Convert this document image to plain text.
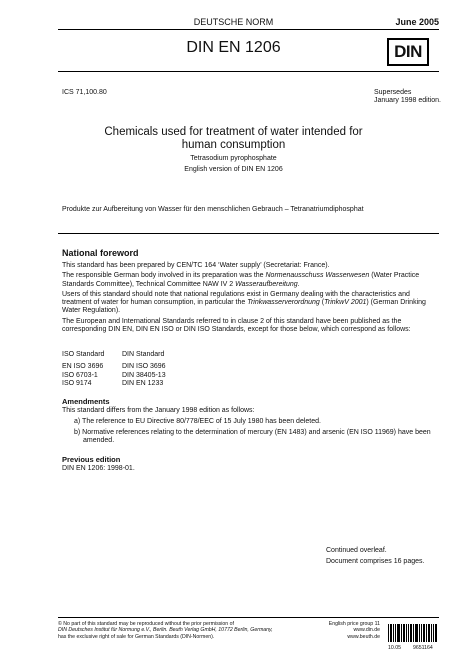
DEUTSCHE NORM	June 2005
DIN EN 1206	DIN
ICS 71,100.80	Supersedes
January 1998 edition.
Chemicals used for treatment of water intended for
human consumption
Tetrasodium pyrophosphate
English version of DIN EN 1206
Produkte zur Aufbereitung von Wasser für den menschlichen Gebrauch – Tetranatriumdiphosphat
National foreword

This standard has been prepared by CEN/TC 164 ‘Water supply’ (Secretariat: France).

The responsible German body involved in its preparation was the Normenausschuss Wasserwesen (Water Practice Standards Committee), Technical Committee NAW IV 2 Wasseraufbereitung.

Users of this standard should note that national regulations exist in Germany dealing with the characteristics and treatment of water for human consumption, in particular the Trinkwasserverordnung (TrinkwV 2001) (German Drinking Water Regulation).

The European and International Standards referred to in clause 2 of this standard have been published as the corresponding DIN EN, DIN EN ISO or DIN ISO Standards, except for those below, which correspond as follows:

ISO Standard	DIN Standard

EN ISO 3696	DIN ISO 3696
ISO 6703-1	DIN 38405-13
ISO 9174	DIN EN 1233
Amendments
This standard differs from the January 1998 edition as follows:
a) The reference to EU Directive 80/778/EEC of 15 July 1980 has been deleted.
b) Normative references relating to the determination of mercury (EN 1483) and arsenic (EN ISO 11969) have been amended.
Previous edition
DIN EN 1206: 1998-01.
Continued overleaf.
Document comprises 16 pages.
© No part of this standard may be reproduced without the prior permission of
DIN Deutsches Institut für Normung e.V., Berlin. Beuth Verlag GmbH, 10772 Berlin, Germany,
has the exclusive right of sale for German Standards (DIN-Normen).
English price group 11
www.din.de
www.beuth.de
10.05 9651164
